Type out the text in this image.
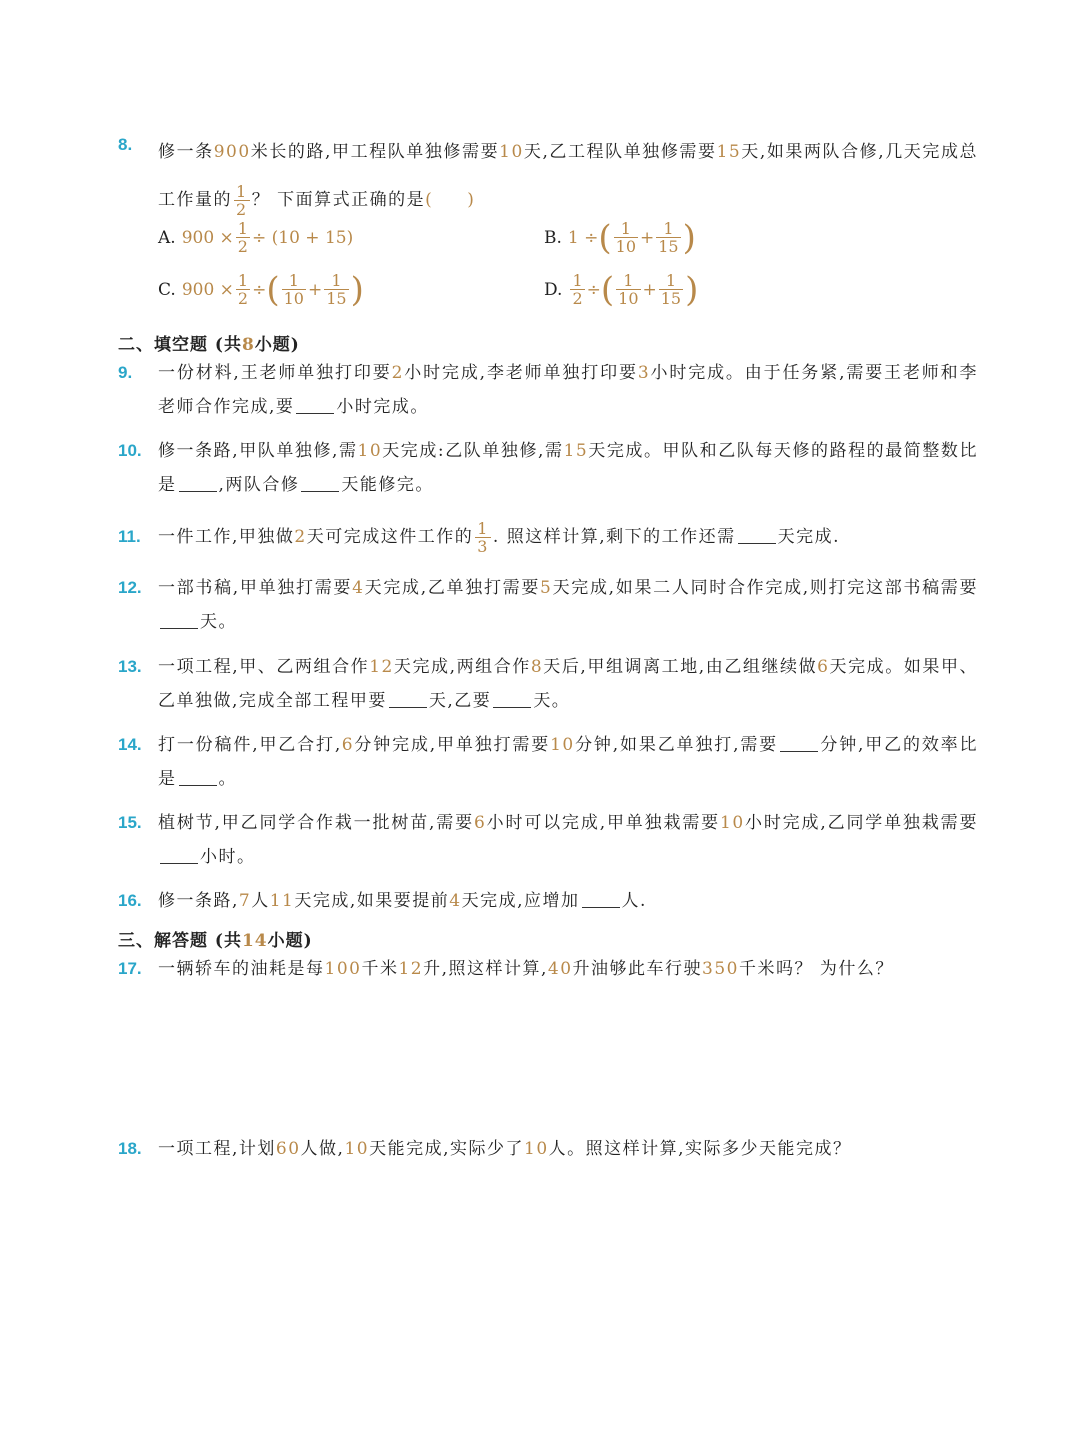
8. 修一条900米长的路,甲工程队单独修需要10天,乙工程队单独修需要15天,如果两队合修,几天完成总工作量的 $\frac{1}{2}$ ？ 下面算式正确的是( )
A. $900 \times \frac{1}{2} \div (10 + 15)$	B. 1 ÷ ( $\frac{1}{10} + \frac{1}{15}$ )
C. $900 \times \frac{1}{2}$ ÷ ( $\frac{1}{10} + \frac{1}{15}$ )	D. $\frac{1}{2}$ ÷ ( $\frac{1}{10} + \frac{1}{15}$ )
二、填空题 (共8小题)
9. 一份材料,王老师单独打印要2小时完成,李老师单独打印要3小时完成。由于任务紧,需要王老师和李老师合作完成,要 小时完成。
10. 修一条路,甲队单独修,需10天完成:乙队单独修,需15天完成。甲队和乙队每天修的路程的最简整数比是 ,两队合修 天能修完。
11. 一件工作,甲独做2天可完成这件工作的 $\frac{1}{3}$ . 照这样计算,剩下的工作还需 天完成.
12. 一部书稿,甲单独打需要4天完成,乙单独打需要5天完成,如果二人同时合作完成,则打完这部书稿需要天。
13. 一项工程,甲、乙两组合作12天完成,两组合作8天后,甲组调离工地,由乙组继续做6天完成。如果甲、乙单独做,完成全部工程甲要 天,乙要 天。
14. 打一份稿件,甲乙合打,6分钟完成,甲单独打需要10分钟,如果乙单独打,需要 分钟,甲乙的效率比是 。
15. 植树节,甲乙同学合作栽一批树苗,需要6小时可以完成,甲单独栽需要10小时完成,乙同学单独栽需要小时。
16. 修一条路,7人11天完成,如果要提前4天完成,应增加 人.
三、解答题 (共14小题)
17. 一辆轿车的油耗是每100千米12升,照这样计算,40升油够此车行驶350千米吗？ 为什么？
18. 一项工程,计划60人做,10天能完成,实际少了10人。照这样计算,实际多少天能完成？
